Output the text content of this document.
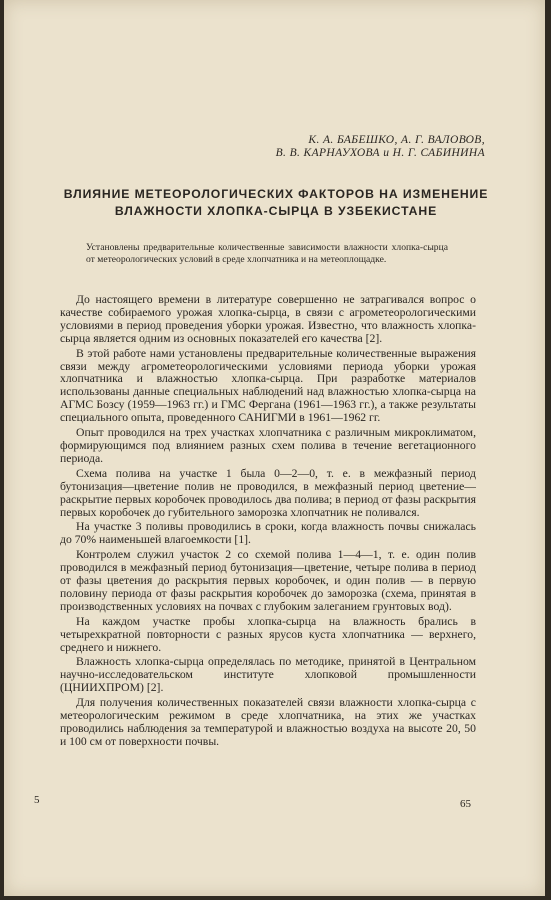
К. А. БАБЕШКО, А. Г. ВАЛОВОВ,
В. В. КАРНАУХОВА и Н. Г. САБИНИНА
ВЛИЯНИЕ МЕТЕОРОЛОГИЧЕСКИХ ФАКТОРОВ НА ИЗМЕНЕНИЕ
ВЛАЖНОСТИ ХЛОПКА-СЫРЦА В УЗБЕКИСТАНЕ
Установлены предварительные количественные зависимости влажности хлопка-сырца от метеорологических условий в среде хлопчатника и на метеоплощадке.

До настоящего времени в литературе совершенно не затрагивался вопрос о качестве собираемого урожая хлопка-сырца, в связи с агрометеорологическими условиями в период проведения уборки урожая. Известно, что влажность хлопка-сырца является одним из основных показателей его качества [2].

В этой работе нами установлены предварительные количественные выражения связи между агрометеорологическими условиями периода уборки урожая хлопчатника и влажностью хлопка-сырца. При разработке материалов использованы данные специальных наблюдений над влажностью хлопка-сырца на АГМС Бозсу (1959—1963 гг.) и ГМС Фергана (1961—1963 гг.), а также результаты специального опыта, проведенного САНИГМИ в 1961—1962 гг.

Опыт проводился на трех участках хлопчатника с различным микроклиматом, формирующимся под влиянием разных схем полива в течение вегетационного периода.

Схема полива на участке 1 была 0—2—0, т. е. в межфазный период бутонизация—цветение полив не проводился, в межфазный период цветение—раскрытие первых коробочек проводилось два полива; в период от фазы раскрытия первых коробочек до губительного заморозка хлопчатник не поливался.

На участке 3 поливы проводились в сроки, когда влажность почвы снижалась до 70% наименьшей влагоемкости [1].

Контролем служил участок 2 со схемой полива 1—4—1, т. е. один полив проводился в межфазный период бутонизация—цветение, четыре полива в период от фазы цветения до раскрытия первых коробочек, и один полив — в первую половину периода от фазы раскрытия коробочек до заморозка (схема, принятая в производственных условиях на почвах с глубоким залеганием грунтовых вод).

На каждом участке пробы хлопка-сырца на влажность брались в четырехкратной повторности с разных ярусов куста хлопчатника — верхнего, среднего и нижнего.

Влажность хлопка-сырца определялась по методике, принятой в Центральном научно-исследовательском институте хлопковой промышленности (ЦНИИХПРОМ) [2].

Для получения количественных показателей связи влажности хлопка-сырца с метеорологическим режимом в среде хлопчатника, на этих же участках проводились наблюдения за температурой и влажностью воздуха на высоте 20, 50 и 100 см от поверхности почвы.

5	65
